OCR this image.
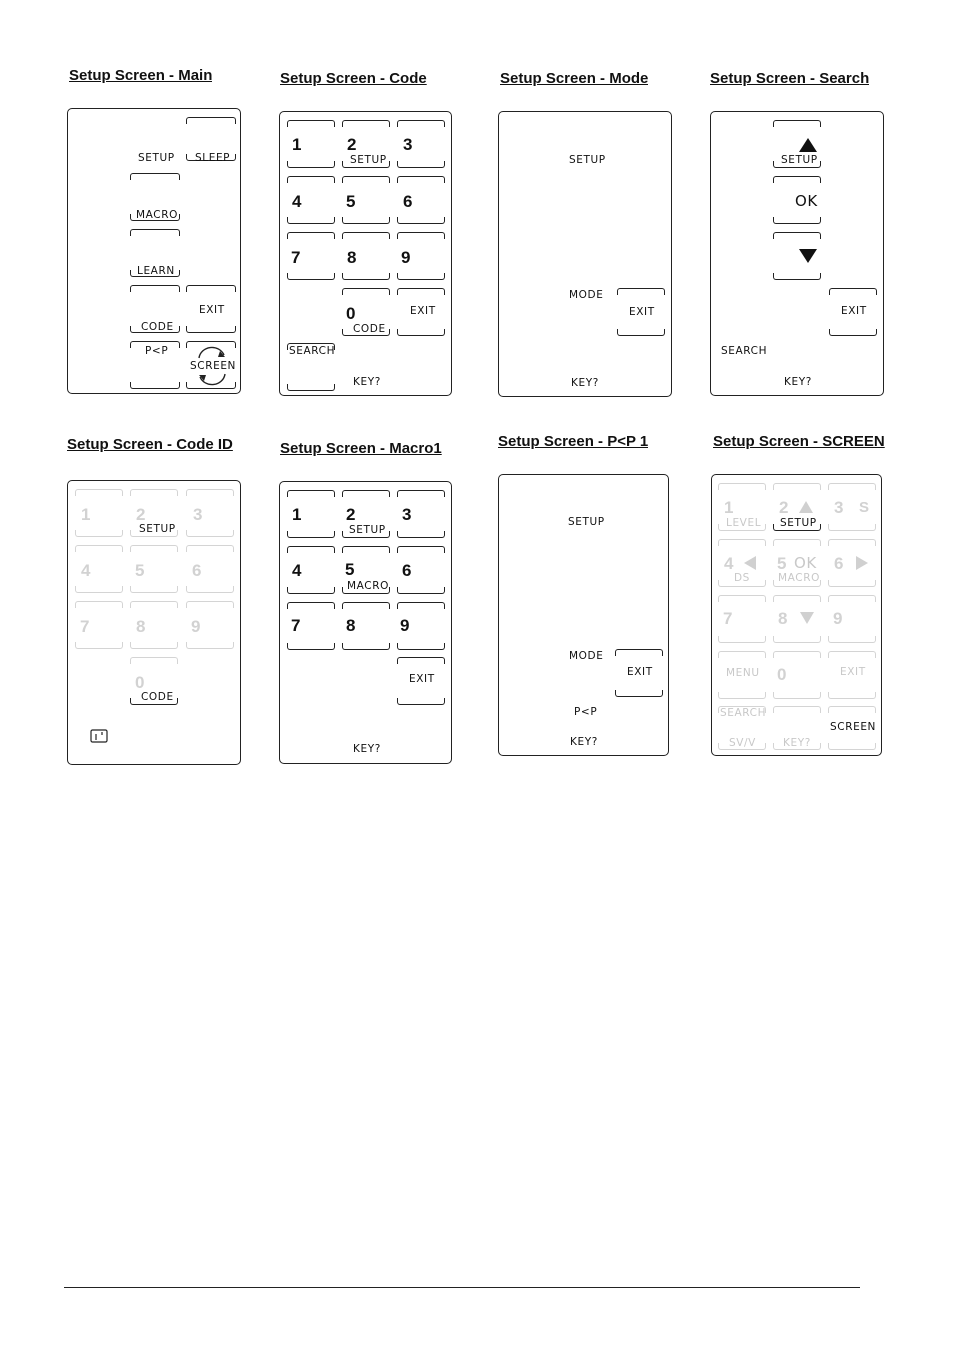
Setup Screen - Main	Setup Screen - Code	Setup Screen - Mode	Setup Screen - Search
Setup Screen - Code ID	Setup Screen - Macro1	Setup Screen - P<P 1	Setup Screen - SCREEN
SETUP SLEEP
MACRO
LEARN
CODE
EXIT
P<P
SCREEN
1	2	3
SETUP
4	5	6
7	8	9
0
CODE
EXIT
SEARCH
KEY?
SETUP
MODE
EXIT
KEY?
SETUP
OK
EXIT
SEARCH
KEY?
1	2	3
SETUP
4	5	6
7	8	9
0
CODE
1	2	3
SETUP
4	5	6
MACRO
7	8	9
EXIT
KEY?
SETUP
MODE
EXIT
P<P
KEY?
1	2	3 S
LEVEL SETUP
4	5 OK 6
DS	MACRO
7	8	9
MENU 0	EXIT
SEARCH
SCREEN
SV/V	KEY?
